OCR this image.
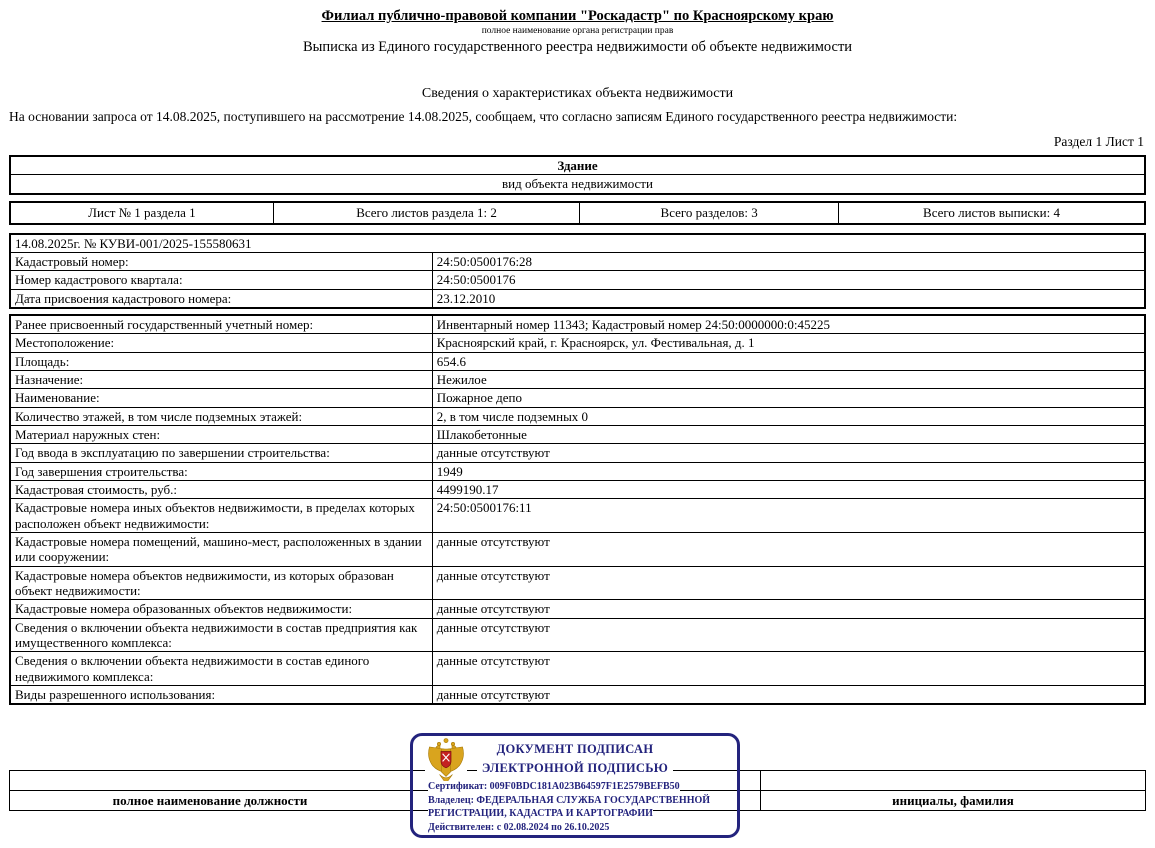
Филиал публично-правовой компании "Роскадастр" по Красноярскому краю
полное наименование органа регистрации прав
Выписка из Единого государственного реестра недвижимости об объекте недвижимости
Сведения о характеристиках объекта недвижимости
На основании запроса от 14.08.2025, поступившего на рассмотрение 14.08.2025, сообщаем, что согласно записям Единого государственного реестра недвижимости:
Раздел 1 Лист 1
Здание
вид объекта недвижимости
Лист № 1 раздела 1	Всего листов раздела 1: 2	Всего разделов: 3	Всего листов выписки: 4
14.08.2025г. № КУВИ-001/2025-155580631	
Кадастровый номер:	24:50:0500176:28
Номер кадастрового квартала:	24:50:0500176
Дата присвоения кадастрового номера:	23.12.2010
Ранее присвоенный государственный учетный номер:	Инвентарный номер 11343; Кадастровый номер 24:50:0000000:0:45225
Местоположение:	Красноярский край, г. Красноярск, ул. Фестивальная, д. 1
Площадь:	654.6
Назначение:	Нежилое
Наименование:	Пожарное депо
Количество этажей, в том числе подземных этажей:	2, в том числе подземных 0
Материал наружных стен:	Шлакобетонные
Год ввода в эксплуатацию по завершении строительства:	данные отсутствуют
Год завершения строительства:	1949
Кадастровая стоимость, руб.:	4499190.17
Кадастровые номера иных объектов недвижимости, в пределах которых расположен объект недвижимости:	24:50:0500176:11
Кадастровые номера помещений, машино-мест, расположенных в здании или сооружении:	данные отсутствуют
Кадастровые номера объектов недвижимости, из которых образован объект недвижимости:	данные отсутствуют
Кадастровые номера образованных объектов недвижимости:	данные отсутствуют
Сведения о включении объекта недвижимости в состав предприятия как имущественного комплекса:	данные отсутствуют
Сведения о включении объекта недвижимости в состав единого недвижимого комплекса:	данные отсутствуют
Виды разрешенного использования:	данные отсутствуют

полное наименование должности		инициалы, фамилия
ДОКУМЕНТ ПОДПИСАН
ЭЛЕКТРОННОЙ ПОДПИСЬЮ
Сертификат: 009F0BDC181A023B64597F1E2579BEFB50
Владелец: ФЕДЕРАЛЬНАЯ СЛУЖБА ГОСУДАРСТВЕННОЙ РЕГИСТРАЦИИ, КАДАСТРА И КАРТОГРАФИИ
Действителен: с 02.08.2024 по 26.10.2025
